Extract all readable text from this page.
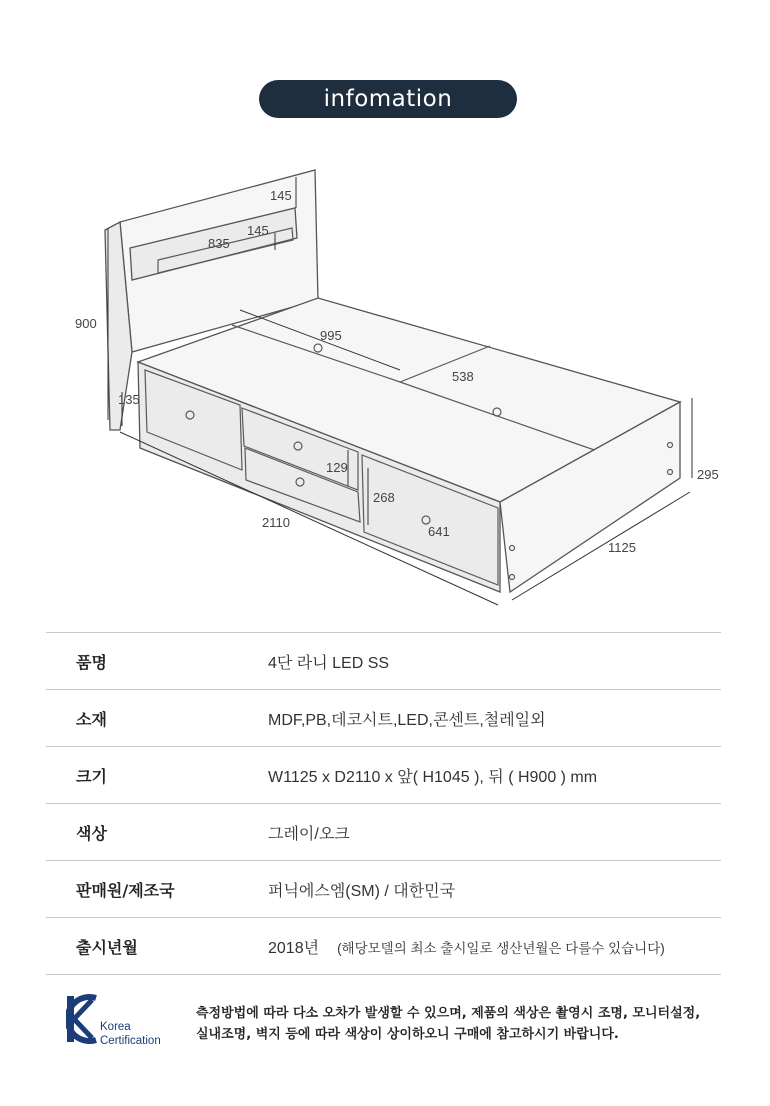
infomation
145
145
835
900
135
995
538
129
268
641
2110
1125
295
품명	4단 라니 LED SS
소재	MDF,PB,데코시트,LED,콘센트,철레일외
크기	W1125 x D2110 x 앞( H1045 ), 뒤 ( H900 ) mm
색상	그레이/오크
판매원/제조국	퍼닉에스엠(SM) / 대한민국
출시년월	2018년 (해당모델의 최소 출시일로 생산년월은 다를수 있습니다)
Korea
Certification
측정방법에 따라 다소 오차가 발생할 수 있으며, 제품의 색상은 촬영시 조명, 모니터설정,
실내조명, 벽지 등에 따라 색상이 상이하오니 구매에 참고하시기 바랍니다.
